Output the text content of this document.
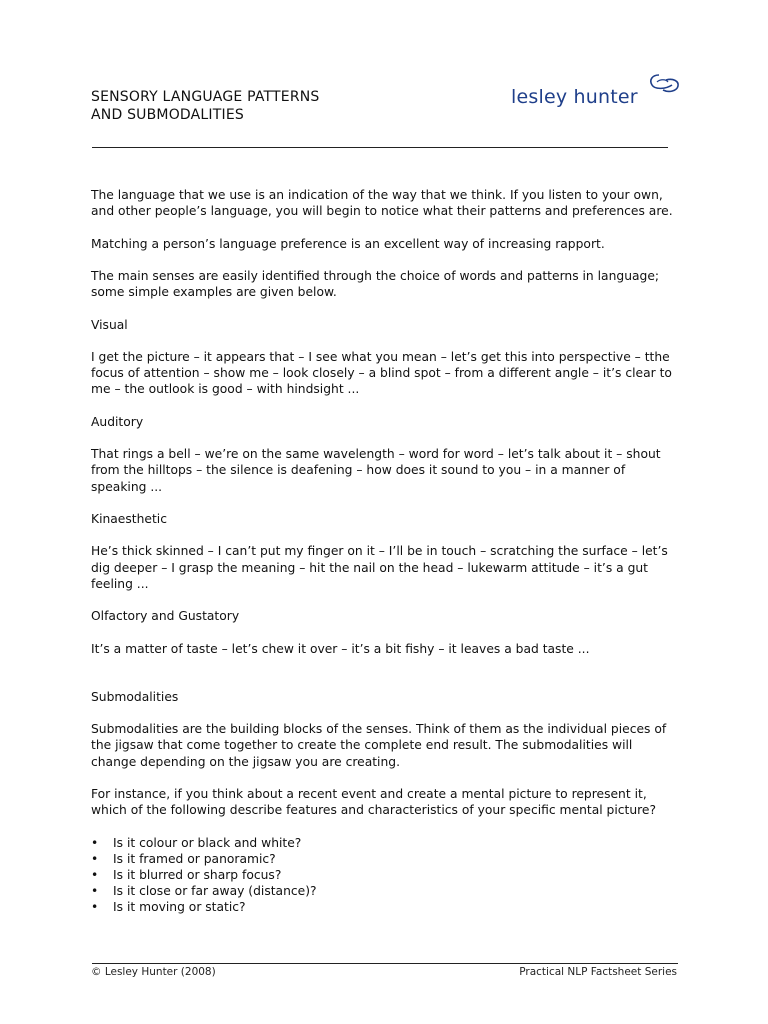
SENSORY LANGUAGE PATTERNS
AND SUBMODALITIES
lesley hunter

The language that we use is an indication of the way that we think. If you listen to your own, and other people’s language, you will begin to notice what their patterns and preferences are.

Matching a person’s language preference is an excellent way of increasing rapport.

The main senses are easily identified through the choice of words and patterns in language; some simple examples are given below.

Visual

I get the picture – it appears that – I see what you mean – let’s get this into perspective – tthe focus of attention – show me – look closely – a blind spot – from a different angle – it’s clear to me – the outlook is good – with hindsight ...

Auditory

That rings a bell – we’re on the same wavelength – word for word – let’s talk about it – shout from the hilltops – the silence is deafening – how does it sound to you – in a manner of speaking ...

Kinaesthetic

He’s thick skinned – I can’t put my finger on it – I’ll be in touch – scratching the surface – let’s dig deeper – I grasp the meaning – hit the nail on the head – lukewarm attitude – it’s a gut feeling ...

Olfactory and Gustatory

It’s a matter of taste – let’s chew it over – it’s a bit fishy – it leaves a bad taste ...

Submodalities

Submodalities are the building blocks of the senses. Think of them as the individual pieces of the jigsaw that come together to create the complete end result. The submodalities will change depending on the jigsaw you are creating.

For instance, if you think about a recent event and create a mental picture to represent it, which of the following describe features and characteristics of your specific mental picture?

• Is it colour or black and white?
• Is it framed or panoramic?
• Is it blurred or sharp focus?
• Is it close or far away (distance)?
• Is it moving or static?
© Lesley Hunter (2008)	Practical NLP Factsheet Series
